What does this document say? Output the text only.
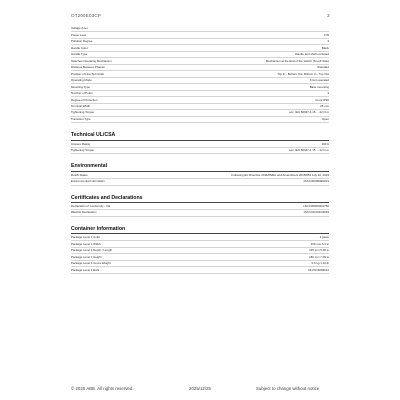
OT200E03CP	3
Voltage (Uₐₑ)
Power Loss	4 W
Pollution Degree	3
Handle Color	Black
Handle Type	Handle and shaft excluded
Switches Operating Mechanism	Mechanism at the End of the Switch (S-Left Side)
Distance Between Phases	Standard
Position of Line Terminals	Top In - Bottom Out, Bottom In - Top Out
Operating Mode	Front operated
Mounting Type	Base mounting
Number of Poles	3
Degree of Protection	Front IP20
Terminal Width	26 mm
Tightening Torque	acc. IEC 60947-1 15 ... 22 N·m
Transition Type	Open
Technical UL/CSA
Ampere Rating	200 A
Tightening Torque	acc. IEC 60947-1 15 ... 22 N·m
Environmental
RoHS Status	Following EU Directive 2011/65/EU and Amendment 2015/863 July 22, 2019
Environmental Information	1SCC300050E0201
Certificates and Declarations
Declaration of Conformity - CE	1SCC300050C0756
REACH Declaration	1SCC011101G5093
Container Information
Package Level 1 Units	1 piece
Package Level 1 Width	100 mm 6.3 in
Package Level 1 Depth / Length	145 mm 5.65 in
Package Level 1 Height	180 mm 7.09 in
Package Level 1 Gross Weight	0.6 kg 1.32 lb
Package Level 1 EAN	6417019293612
© 2025 ABB. All rights reserved.	2025/12/25	Subject to change without notice
